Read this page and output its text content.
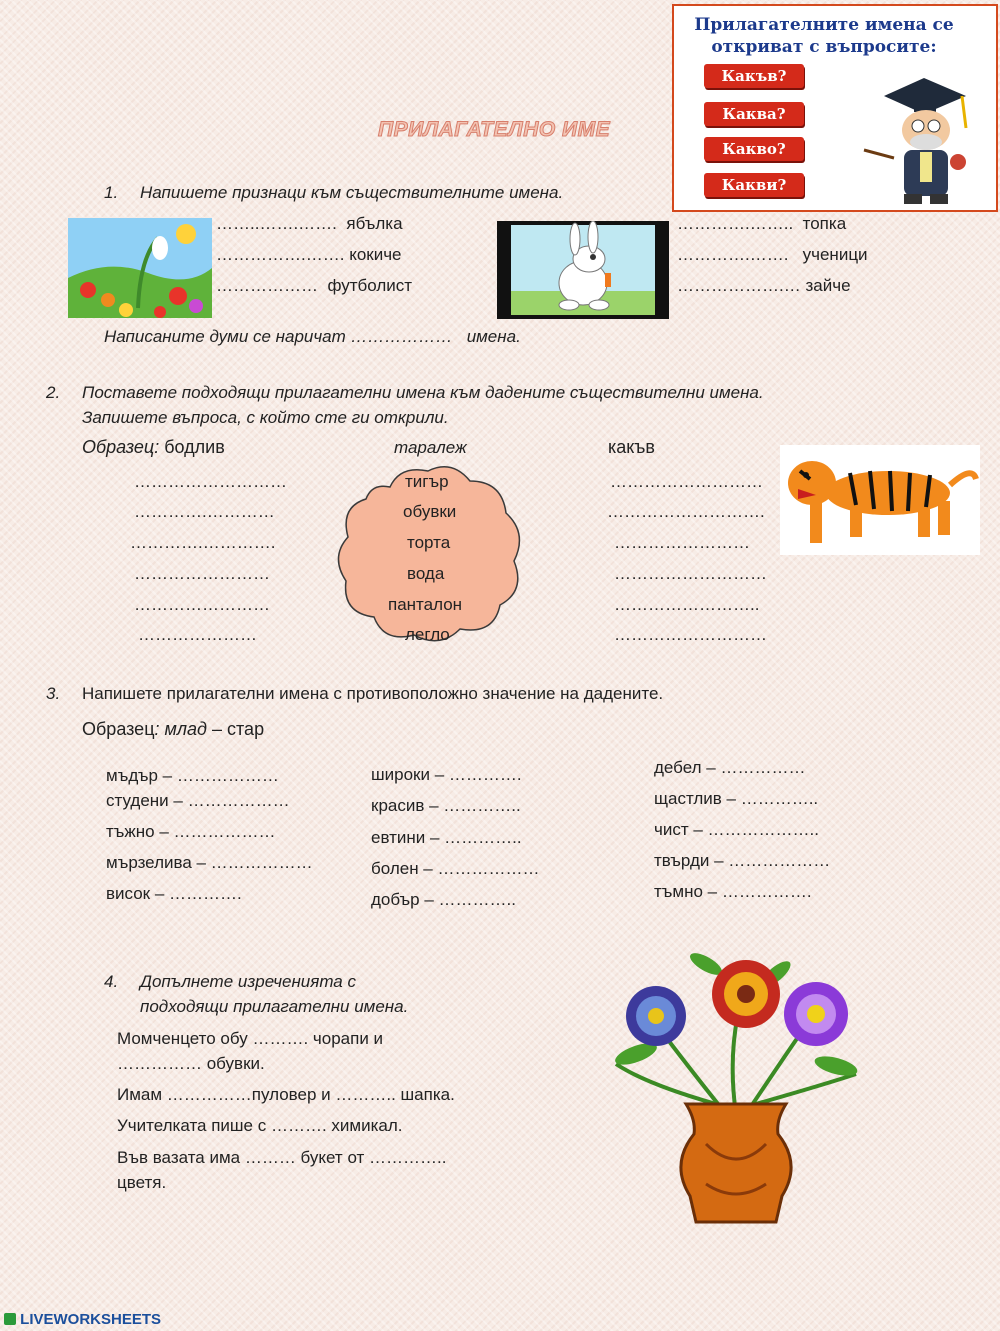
Прилагателните имена се
откриват с въпросите:
Какъв?
Каква?
Какво?
Какви?
ПРИЛАГАТЕЛНО ИМЕ
1. Напишете признаци към съществителните имена.
……..…….……. ябълка
…………….……. кокиче
……………… футболист
………….…….. топка
………….……. ученици
……………….… зайче
Написаните думи се наричат ……………… имена.
2. Поставете подходящи прилагателни имена към дадените съществителни имена.
Запишете въпроса, с който сте ги открили.
Образец: бодлив	таралеж	какъв
тигър
обувки
торта
вода
панталон
легло
………………………
………….…………
………….………….
……………………
……………………
…………………
………………………
……………………….
……………………
………………………
……………………..
………………………
3. Напишете прилагателни имена с противоположно значение на дадените.
Образец: млад – стар
мъдър – ………………
студени – ………………
тъжно – ………………
мързелива – ………………
висок – ………….
широки – ………….
красив – …………..
евтини – …………..
болен – ………………
добър – …………..
дебел – ……………
щастлив – …………..
чист – ………………..
твърди – ………………
тъмно – …………….
4. Допълнете изреченията с
подходящи прилагателни имена.
Момченцето обу ………. чорапи и
…………… обувки.
Имам ……………пуловер и ……….. шапка.
Учителката пише с ………. химикал.
Във вазата има ……… букет от …………..
цветя.
LIVEWORKSHEETS
